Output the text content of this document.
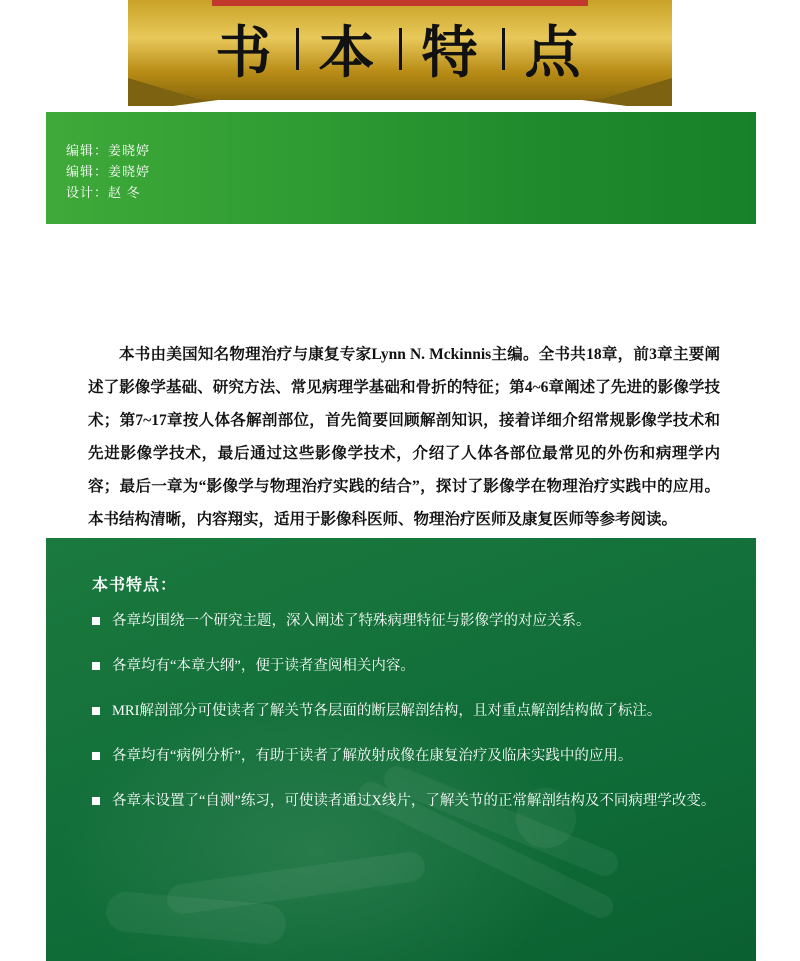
书 本 特 点
编辑：姜晓婷
编辑：姜晓婷
设计：赵 冬
本书由美国知名物理治疗与康复专家Lynn N. Mckinnis主编。全书共18章，前3章主要阐述了影像学基础、研究方法、常见病理学基础和骨折的特征；第4~6章阐述了先进的影像学技术；第7~17章按人体各解剖部位，首先简要回顾解剖知识，接着详细介绍常规影像学技术和先进影像学技术，最后通过这些影像学技术，介绍了人体各部位最常见的外伤和病理学内容；最后一章为“影像学与物理治疗实践的结合”，探讨了影像学在物理治疗实践中的应用。本书结构清晰，内容翔实，适用于影像科医师、物理治疗医师及康复医师等参考阅读。
本书特点：
各章均围绕一个研究主题，深入阐述了特殊病理特征与影像学的对应关系。
各章均有“本章大纲”，便于读者查阅相关内容。
MRI解剖部分可使读者了解关节各层面的断层解剖结构，且对重点解剖结构做了标注。
各章均有“病例分析”，有助于读者了解放射成像在康复治疗及临床实践中的应用。
各章末设置了“自测”练习，可使读者通过X线片，了解关节的正常解剖结构及不同病理学改变。
